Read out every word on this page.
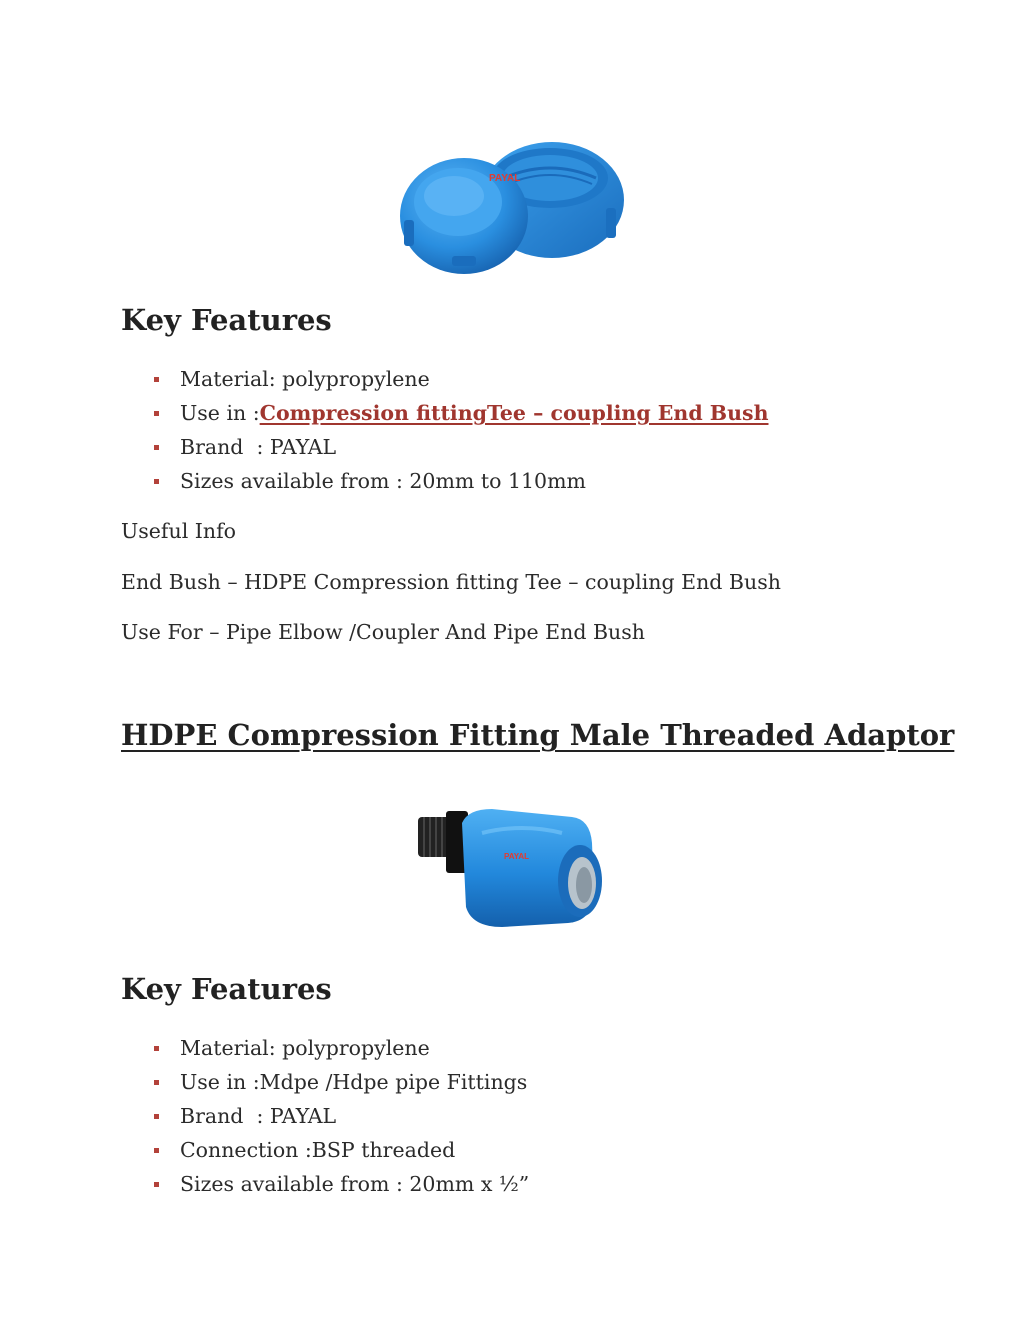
PAYAL
Key Features
Material: polypropylene
Use in :Compression fittingTee – coupling End Bush
Brand  : PAYAL
Sizes available from : 20mm to 110mm

Useful Info

End Bush – HDPE Compression fitting Tee – coupling End Bush

Use For – Pipe Elbow /Coupler And Pipe End Bush

HDPE Compression Fitting Male Threaded Adaptor
PAYAL
Key Features
Material: polypropylene
Use in :Mdpe /Hdpe pipe Fittings
Brand  : PAYAL
Connection :BSP threaded
Sizes available from : 20mm x ½”
